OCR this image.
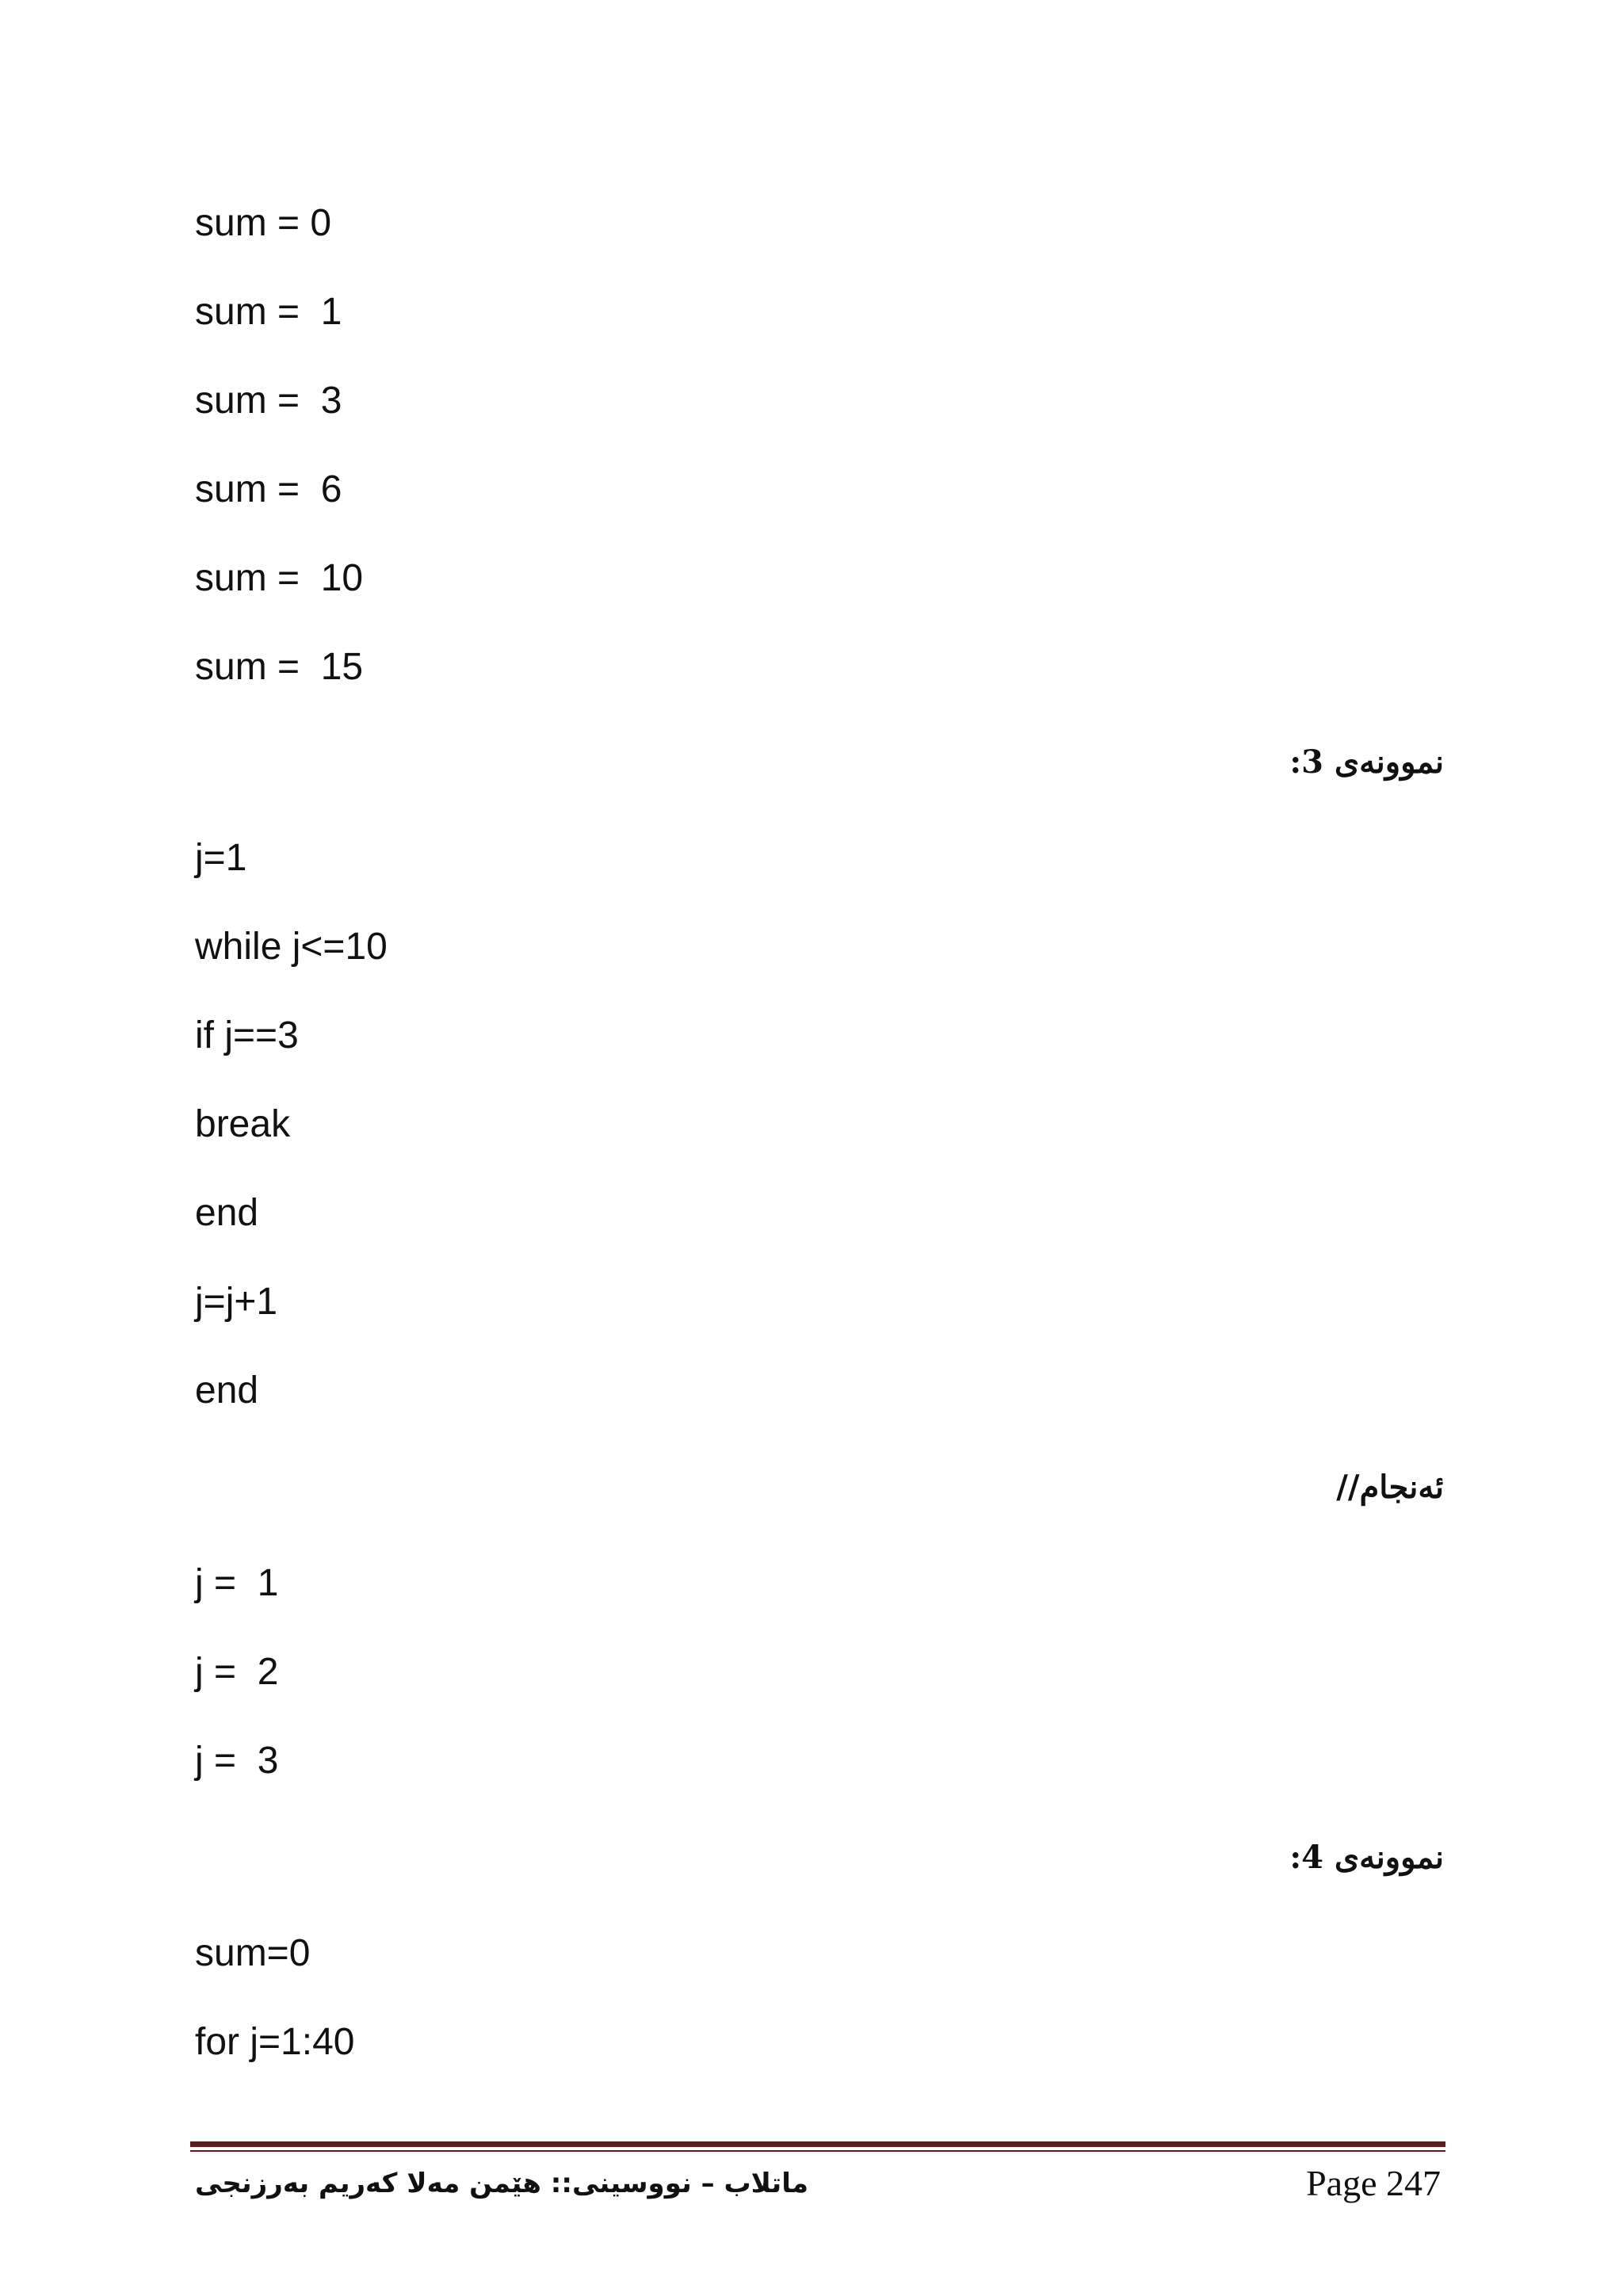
sum = 0
sum =  1
sum =  3
sum =  6
sum =  10
sum =  15
نموونەی 3:
j=1
while j<=10
if j==3
break
end
j=j+1
end
ئەنجام//
j =  1
j =  2
j =  3
نموونەی 4:
sum=0
for j=1:40
ماتلاب – نووسینی:: هێمن مەلا کەریم بەرزنجی	Page 247
